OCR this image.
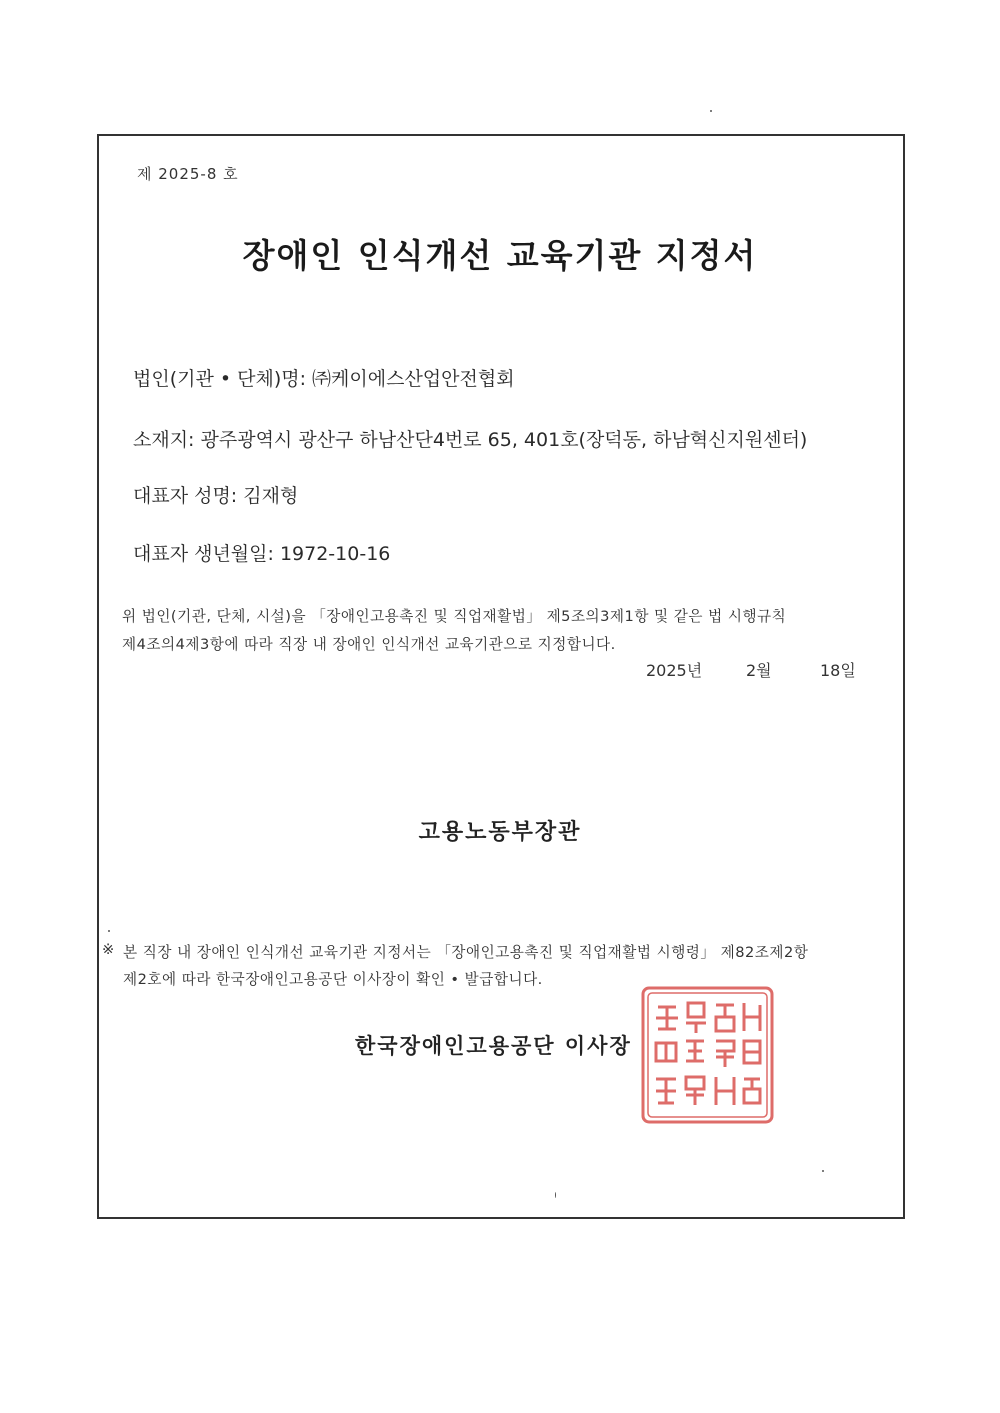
제 2025-8 호
장애인 인식개선 교육기관 지정서
법인(기관 • 단체)명: ㈜케이에스산업안전협회
소재지: 광주광역시 광산구 하남산단4번로 65, 401호(장덕동, 하남혁신지원센터)
대표자 성명: 김재형
대표자 생년월일: 1972-10-16
위 법인(기관, 단체, 시설)을 「장애인고용촉진 및 직업재활법」 제5조의3제1항 및 같은 법 시행규칙
제4조의4제3항에 따라 직장 내 장애인 인식개선 교육기관으로 지정합니다.
2025년	2월	18일
고용노동부장관
※ 본 직장 내 장애인 인식개선 교육기관 지정서는 「장애인고용촉진 및 직업재활법 시행령」 제82조제2항
제2호에 따라 한국장애인고용공단 이사장이 확인 • 발급합니다.
한국장애인고용공단 이사장
